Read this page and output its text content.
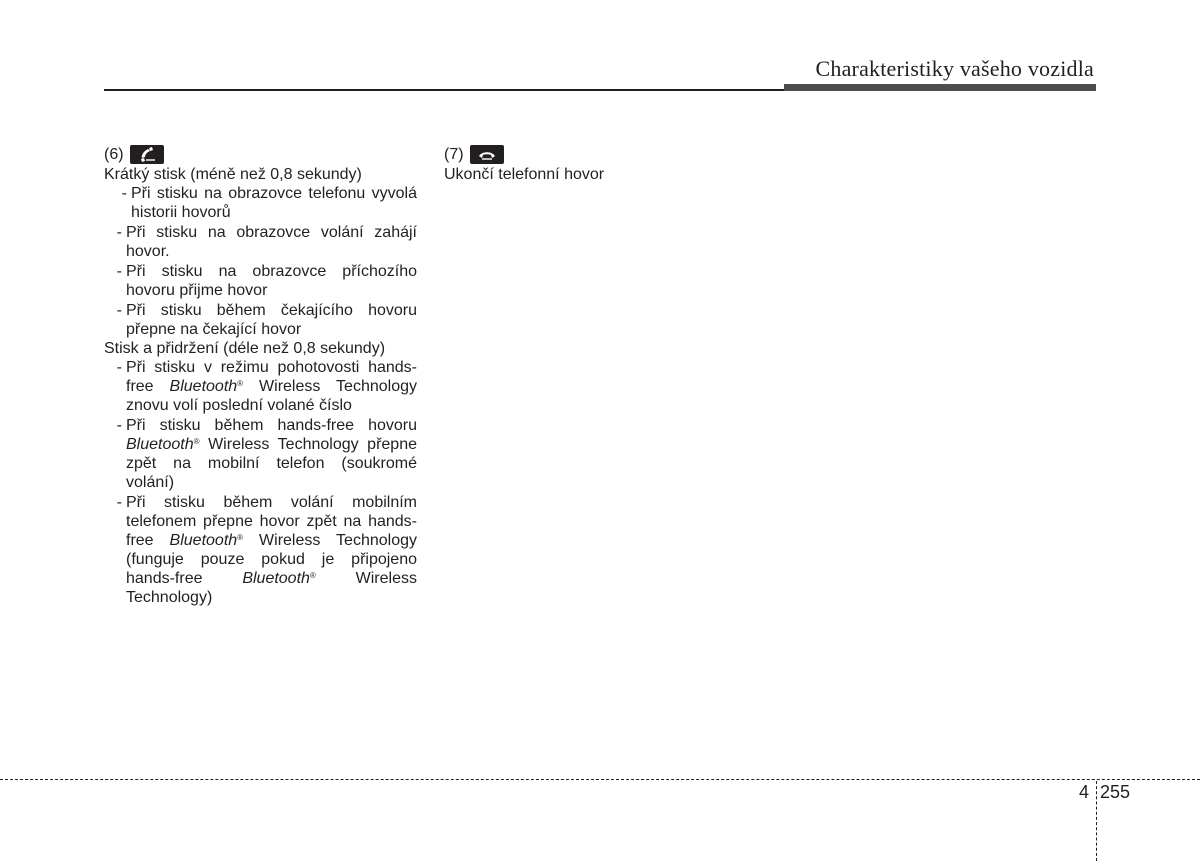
Charakteristiky vašeho vozidla
(6)

Krátký stisk (méně než 0,8 sekundy)

- Při stisku na obrazovce telefonu vyvolá historii hovorů
- Při stisku na obrazovce volání zahájí hovor.
- Při stisku na obrazovce příchozího hovoru přijme hovor
- Při stisku během čekajícího hovoru přepne na čekající hovor

Stisk a přidržení (déle než 0,8 sekundy)

- Při stisku v režimu pohotovosti hands-free Bluetooth® Wireless Technology znovu volí poslední volané číslo
- Při stisku během hands-free hovoru Bluetooth® Wireless Technology přepne zpět na mobilní telefon (soukromé volání)
- Při stisku během volání mobilním telefonem přepne hovor zpět na hands-free Bluetooth® Wireless Technology (funguje pouze pokud je připojeno hands-free Bluetooth® Wireless Technology)
(7)

Ukončí telefonní hovor

4 255
